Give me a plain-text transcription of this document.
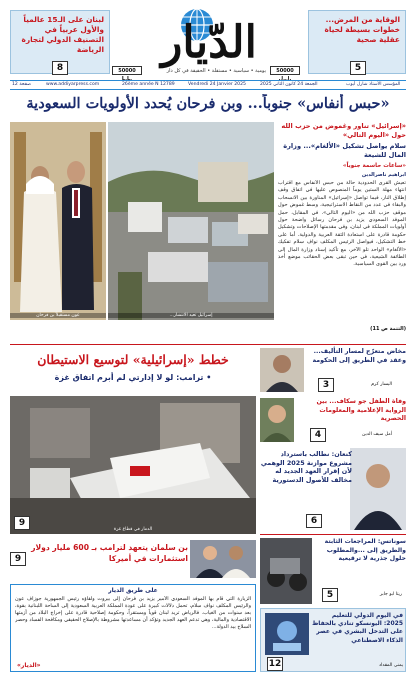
لبنان على الـ15 عالمياً والأول عربياً في التصنيف الدولي لتجارة الرياضة
8	الدّيار
يومية • سياسية • مستقلة • الحقيقة في كل دار	50000 ل.ل.
50000 L.L.
الوقاية من المرض... خطوات بسيطة لحياة عقلية صحية
5
12 صفحة	www.addiyarpress.com	26ème année N 12789	Vendredi 24 Janvier 2025	الجمعة 24 كانون الثاني 2025	المؤسس الأستاذ شارل أيوب
«حبس أنفاس» جنوباً... وبن فرحان يُحدد الأولويات السعودية
عون مستقبلاً بن فرحان	إسرائيل تعيد الانتشار...
«إسرائيل» تناور وغموض من حزب الله حول «اليوم التالي»
سلام يواصل تشكيل «الألغام»... وزارة المال للشيعة
«ساعات حاسمة جنوباً»
ابراهيم ناصرالدين
تعيش القرى الحدودية حالة من حبس الأنفاس مع اقتراب انتهاء مهلة الستين يوماً المنصوص عليها في اتفاق وقف إطلاق النار، فيما تواصل «إسرائيل» المناورة بين الانسحاب والبقاء في عدد من النقاط الاستراتيجية، وسط غموض حول موقف حزب الله من «اليوم التالي». في المقابل، حمل الموفد السعودي يزيد بن فرحان رسائل واضحة حول أولويات المملكة في لبنان، وفي مقدمتها الإصلاحات وتشكيل حكومة قادرة على استعادة الثقة العربية والدولية. أما على خط التشكيل، فيواصل الرئيس المكلف نواف سلام تفكيك «الألغام» الواحد تلو الآخر، مع تأكيد إسناد وزارة المال إلى الطائفة الشيعية، في حين تبقى بعض الحقائب موضع أخذ ورد بين القوى السياسية.
(التتمة ص 11)
خطط «إسرائيلية» لتوسيع الاستيطان
• ترامب: لو لا إدارتي لم أبرم اتفاق غزة
الدمار في قطاع غزة
9
مخاض متعرّج لمسار التأليف... وعقد في الطريق إلى الحكومة
اليسار كرم
3
وفاة الطفل جو سكاف... بين الرواية الإعلامية والمعلومات الحصرية
أمل سيف الدين
4
كنعان: نطالب باسترداد مشروع موازنة 2025 الوهمي لأن إقرار العهد الجديد له مخالف للأصول الدستورية
6
بن سلمان يتعهد لترامب بـ 600 مليار دولار استثمارات في أميركا
9
على طريق الديار
الزيارة التي قام بها الموفد السعودي الأمير يزيد بن فرحان إلى بيروت ولقاؤه رئيس الجمهورية جوزاف عون والرئيس المكلف نواف سلام، تحمل دلالات كبيرة على عودة المملكة العربية السعودية إلى الساحة اللبنانية بقوة، بعد سنوات من الغياب. فالرياض تريد لبنان قوياً ومستقراً، وحكومة إصلاحية قادرة على إخراج البلاد من أزمتها الاقتصادية والمالية، وهي تدعم العهد الجديد وتؤكد أن مساعدتها مشروطة بالإصلاح الحقيقي ومكافحة الفساد وحصر السلاح بيد الدولة...
«الديار»
سوناتس: المراجعات الثابتة والطريق إلى ...والمطلوب حلول جذرية لا ترقيعية
ريتا ابو جابر
5
في اليوم الدولي للتعليم 2025: اليونسكو تنادي بالحفاظ على التدخل البشري في عصر الذكاء الاصطناعي
يمنى المقداد
12
